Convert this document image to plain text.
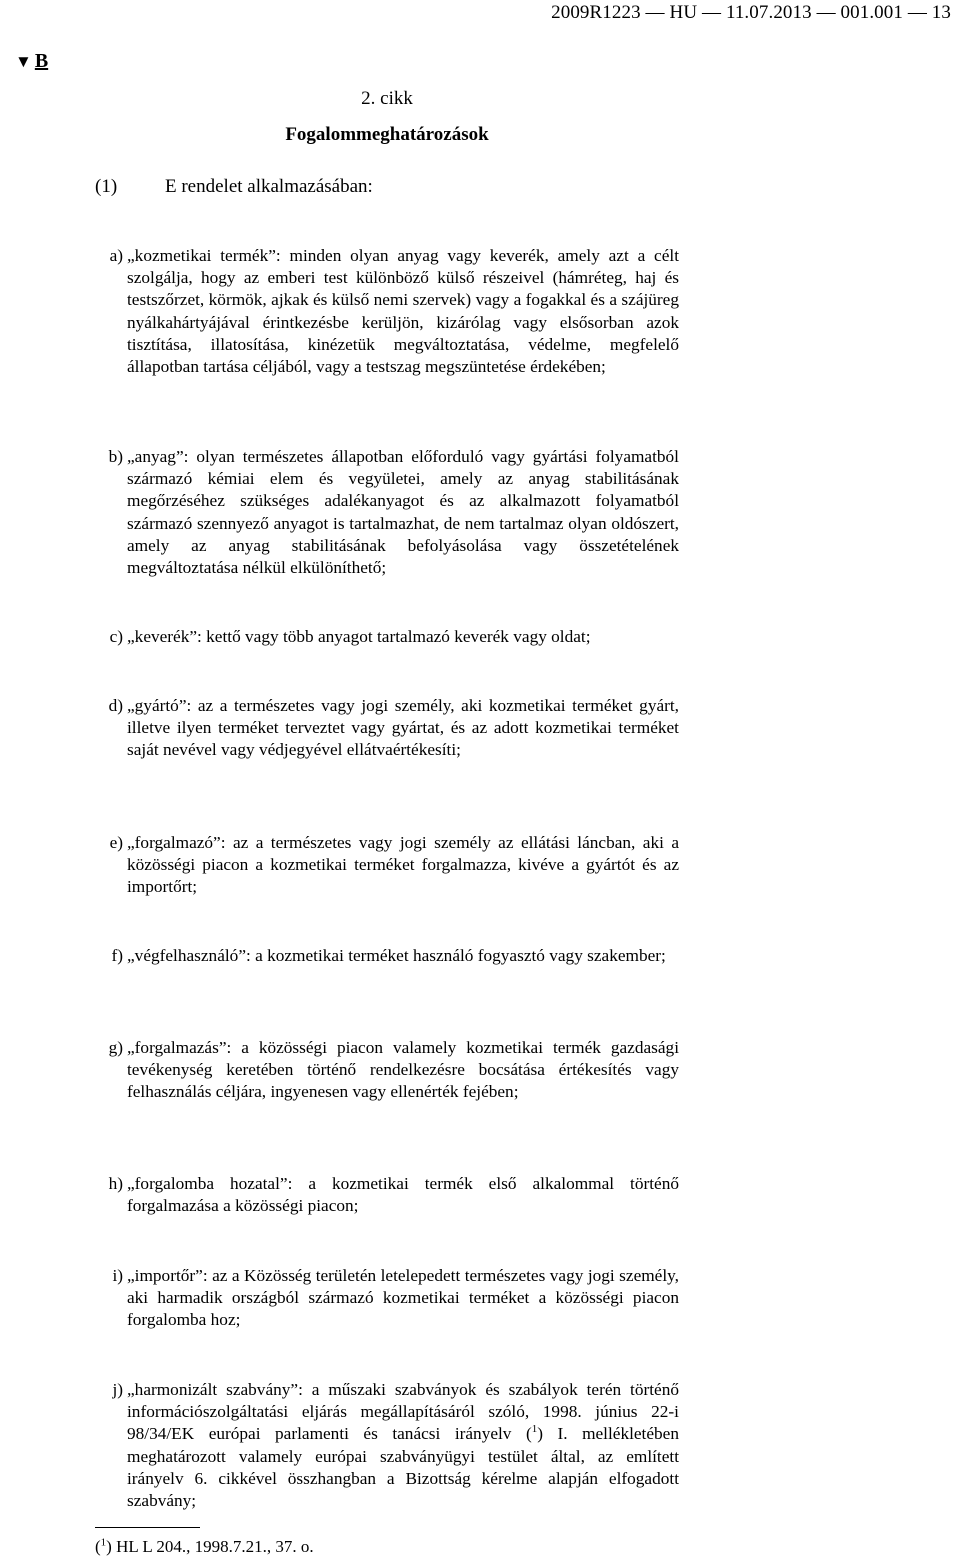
2009R1223 — HU — 11.07.2013 — 001.001 — 13
▼ B
2. cikk
Fogalommeghatározások
(1)	E rendelet alkalmazásában:
a) „ kozmetikai termék ” : minden olyan anyag vagy keverék, amely azt a célt szolgálja, hogy az emberi test különböző külső részeivel (hámréteg, haj és testszőrzet, körmök, ajkak és külső nemi szervek) vagy a fogakkal és a szájüreg nyálkahártyájával érintkezésbe kerüljön, kizárólag vagy elsősorban azok tisztítása, illatosítása, kinézetük megváltoztatása, védelme, megfelelő állapotban tartása céljából, vagy a testszag megszüntetése érdekében;
b) „ anyag ” : olyan természetes állapotban előforduló vagy gyártási folyamatból származó kémiai elem és vegyületei, amely az anyag stabilitásának megőrzéséhez szükséges adalékanyagot és az alkalmazott folyamatból származó szennyező anyagot is tartalmazhat, de nem tartalmaz olyan oldószert, amely az anyag stabilitásának befolyásolása vagy összetételének megváltoztatása nélkül elkülöníthető;
c) „ keverék ” : kettő vagy több anyagot tartalmazó keverék vagy oldat;
d) „ gyártó ” : az a természetes vagy jogi személy, aki kozmetikai terméket gyárt, illetve ilyen terméket terveztet vagy gyártat, és az adott kozmetikai terméket saját nevével vagy védjegyével ellátvaértékesíti;
e) „ forgalmazó ” : az a természetes vagy jogi személy az ellátási láncban, aki a közösségi piacon a kozmetikai terméket forgalmazza, kivéve a gyártót és az importőrt;
f) „ végfelhasználó ” : a kozmetikai terméket használó fogyasztó vagy szakember;
g) „ forgalmazás ” : a közösségi piacon valamely kozmetikai termék gazdasági tevékenység keretében történő rendelkezésre bocsátása értékesítés vagy felhasználás céljára, ingyenesen vagy ellenérték fejében;
h) „ forgalomba hozatal ” : a kozmetikai termék első alkalommal történő forgalmazása a közösségi piacon;
i) „ importőr ” : az a Közösség területén letelepedett természetes vagy jogi személy, aki harmadik országból származó kozmetikai terméket a közösségi piacon forgalomba hoz;
j) „ harmonizált szabvány ” : a műszaki szabványok és szabályok terén történő információszolgáltatási eljárás megállapításáról szóló, 1998. június 22-i 98/34/EK európai parlamenti és tanácsi irányelv ($^1$) I. mellékletében meghatározott valamely európai szabványügyi testület által, az említett irányelv 6. cikkével összhangban a Bizottság kérelme alapján elfogadott szabvány;
($^1$) HL L 204., 1998.7.21., 37. o.
